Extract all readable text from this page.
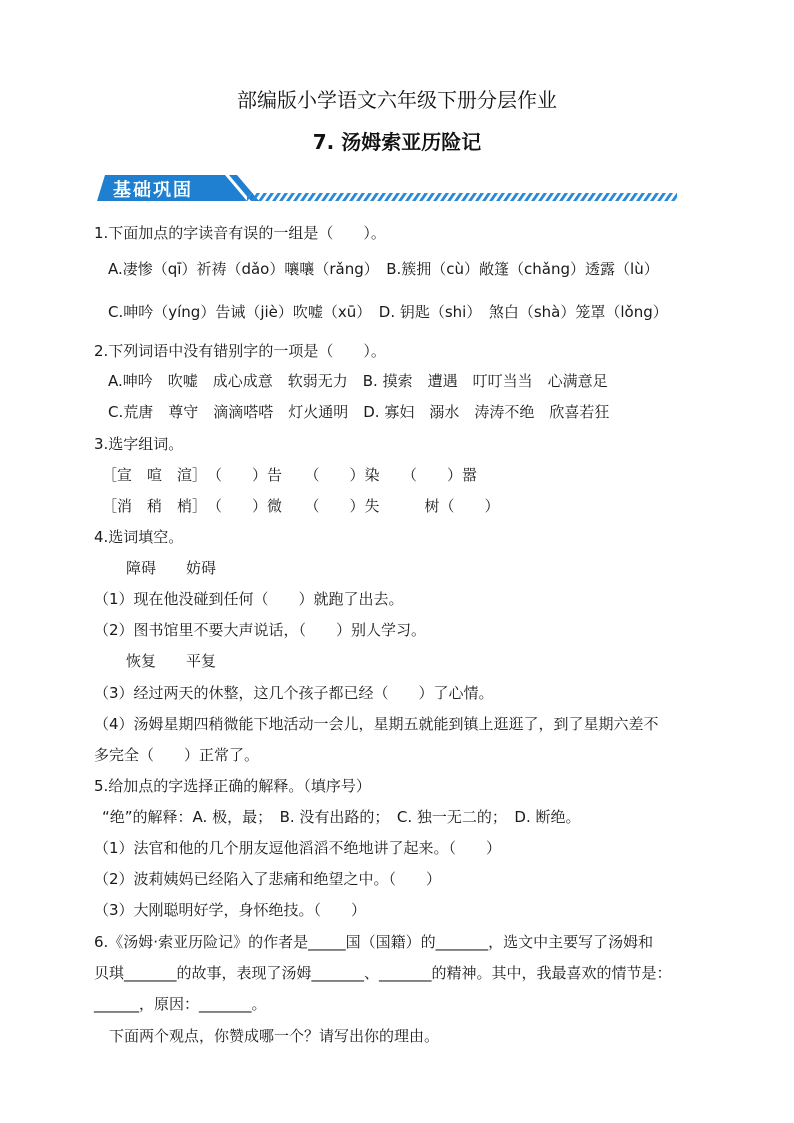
部编版小学语文六年级下册分层作业
7. 汤姆索亚历险记
基础巩固
1.下面加点的字读音有误的一组是（　　）。
A.凄惨（qī）祈祷（dǎo）嚷嚷（rǎng）　B.簇拥（cù）敞篷（chǎng）透露（lù）
C.呻吟（yíng）告诫（jiè）吹嘘（xū）　D. 钥匙（shi）　煞白（shà）笼罩（lǒng）
2.下列词语中没有错别字的一项是（　　）。
A.呻吟　吹嘘　成心成意　软弱无力　B. 摸索　遭遇　叮叮当当　心满意足
C.荒唐　尊守　滴滴嗒嗒　灯火通明　D. 寡妇　溺水　涛涛不绝　欣喜若狂
3.选字组词。
［宣　喧　渲］　（　　）告　　（　　）染　　（　　）嚣
［消　稍　梢］　（　　）微　　（　　）失　　　树（　　）
4.选词填空。
障碍　　妨碍
（1）现在他没碰到任何（　　）就跑了出去。
（2）图书馆里不要大声说话，（　　）别人学习。
恢复　　平复
（3）经过两天的休整，这几个孩子都已经（　　）了心情。
（4）汤姆星期四稍微能下地活动一会儿，星期五就能到镇上逛逛了，到了星期六差不
多完全（　　）正常了。
5.给加点的字选择正确的解释。（填序号）
“绝”的解释：A. 极，最；　B. 没有出路的；　C. 独一无二的；　D. 断绝。
（1）法官和他的几个朋友逗他滔滔不绝地讲了起来。（　　）
（2）波莉姨妈已经陷入了悲痛和绝望之中。（　　）
（3）大刚聪明好学，身怀绝技。（　　）
6.《汤姆·索亚历险记》的作者是_____国（国籍）的_______，选文中主要写了汤姆和
贝琪_______的故事，表现了汤姆_______、_______的精神。其中，我最喜欢的情节是：
______，原因：_______。
　下面两个观点，你赞成哪一个？请写出你的理由。
